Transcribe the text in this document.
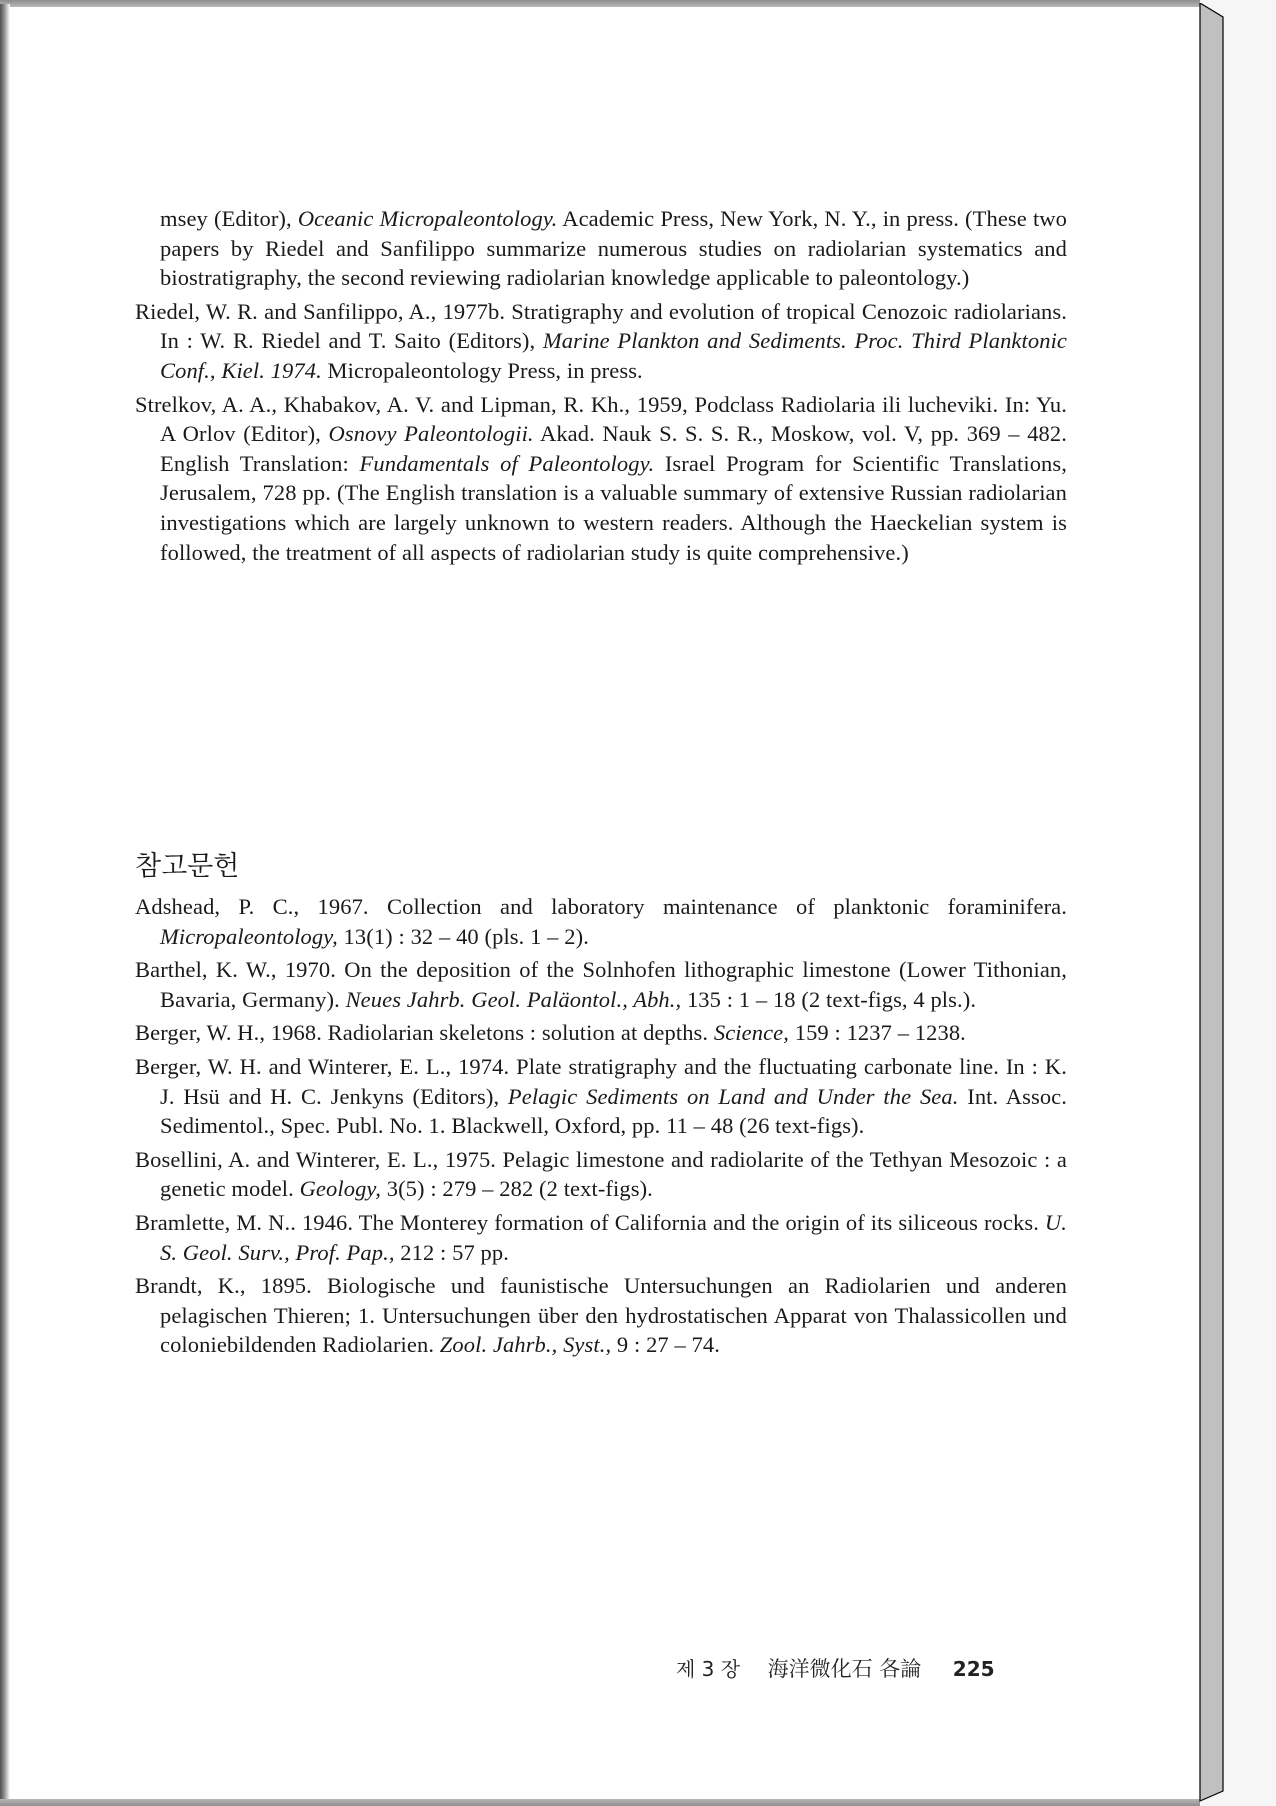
msey (Editor), Oceanic Micropaleontology. Academic Press, New York, N. Y., in press. (These two papers by Riedel and Sanfilippo summarize numerous studies on radiolarian systematics and biostratigraphy, the second reviewing radiolarian knowledge applicable to paleontology.)

Riedel, W. R. and Sanfilippo, A., 1977b. Stratigraphy and evolution of tropical Cenozoic radiolarians. In : W. R. Riedel and T. Saito (Editors), Marine Plankton and Sediments. Proc. Third Planktonic Conf., Kiel. 1974. Micropaleontology Press, in press.

Strelkov, A. A., Khabakov, A. V. and Lipman, R. Kh., 1959, Podclass Radiolaria ili lucheviki. In: Yu. A Orlov (Editor), Osnovy Paleontologii. Akad. Nauk S. S. S. R., Moskow, vol. V, pp. 369 – 482. English Translation: Fundamentals of Paleontology. Israel Program for Scientific Translations, Jerusalem, 728 pp. (The English translation is a valuable summary of extensive Russian radiolarian investigations which are largely unknown to western readers. Although the Haeckelian system is followed, the treatment of all aspects of radiolarian study is quite comprehensive.)

참고문헌

Adshead, P. C., 1967. Collection and laboratory maintenance of planktonic foraminifera. Micropaleontology, 13(1) : 32 – 40 (pls. 1 – 2).

Barthel, K. W., 1970. On the deposition of the Solnhofen lithographic limestone (Lower Tithonian, Bavaria, Germany). Neues Jahrb. Geol. Paläontol., Abh., 135 : 1 – 18 (2 text-figs, 4 pls.).

Berger, W. H., 1968. Radiolarian skeletons : solution at depths. Science, 159 : 1237 – 1238.

Berger, W. H. and Winterer, E. L., 1974. Plate stratigraphy and the fluctuating carbonate line. In : K. J. Hsü and H. C. Jenkyns (Editors), Pelagic Sediments on Land and Under the Sea. Int. Assoc. Sedimentol., Spec. Publ. No. 1. Blackwell, Oxford, pp. 11 – 48 (26 text-figs).

Bosellini, A. and Winterer, E. L., 1975. Pelagic limestone and radiolarite of the Tethyan Mesozoic : a genetic model. Geology, 3(5) : 279 – 282 (2 text-figs).

Bramlette, M. N.. 1946. The Monterey formation of California and the origin of its siliceous rocks. U. S. Geol. Surv., Prof. Pap., 212 : 57 pp.

Brandt, K., 1895. Biologische und faunistische Untersuchungen an Radiolarien und anderen pelagischen Thieren; 1. Untersuchungen über den hydrostatischen Apparat von Thalassicollen und coloniebildenden Radiolarien. Zool. Jahrb., Syst., 9 : 27 – 74.

제 3 장 海洋微化石 各論 225
